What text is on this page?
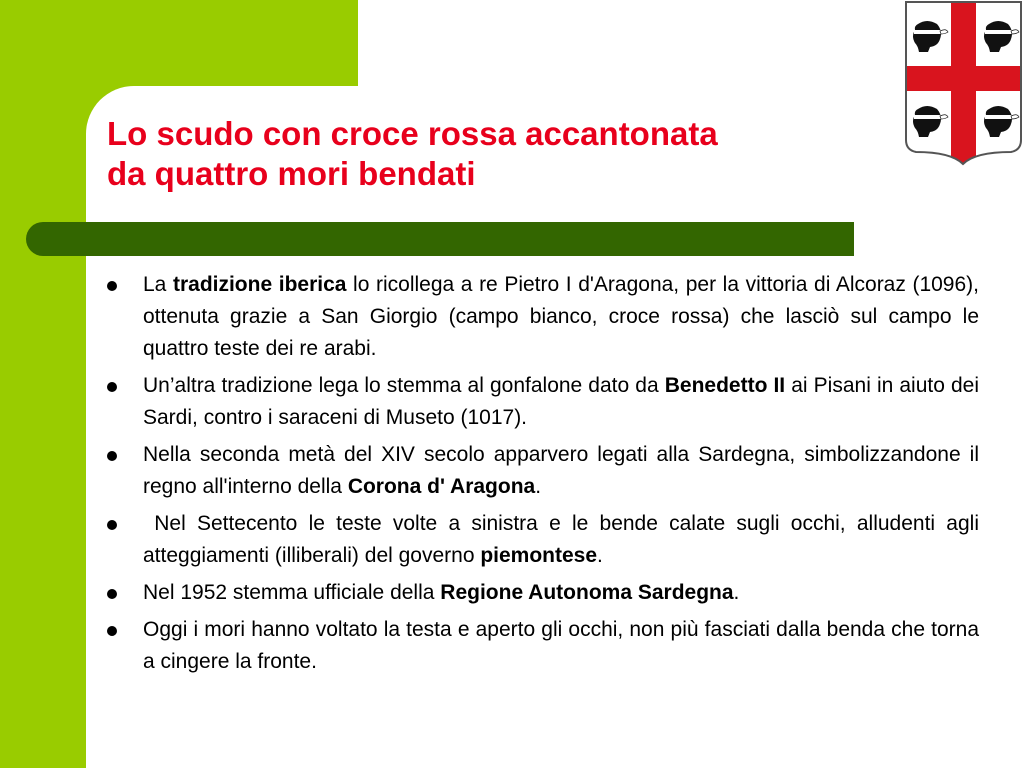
Lo scudo con croce rossa accantonata
da quattro mori bendati
La tradizione iberica lo ricollega a re Pietro I d'Aragona, per la vittoria di Alcoraz (1096), ottenuta grazie a San Giorgio (campo bianco, croce rossa) che lasciò sul campo le quattro teste dei re arabi.
Un’altra tradizione lega lo stemma al gonfalone dato da Benedetto II ai Pisani in aiuto dei Sardi, contro i saraceni di Museto (1017).
Nella seconda metà del XIV secolo apparvero legati alla Sardegna, simbolizzandone il regno all'interno della Corona d' Aragona.
Nel Settecento le teste volte a sinistra e le bende calate sugli occhi, alludenti agli atteggiamenti (illiberali) del governo piemontese.
Nel 1952 stemma ufficiale della Regione Autonoma Sardegna.
Oggi i mori hanno voltato la testa e aperto gli occhi, non più fasciati dalla benda che torna a cingere la fronte.
